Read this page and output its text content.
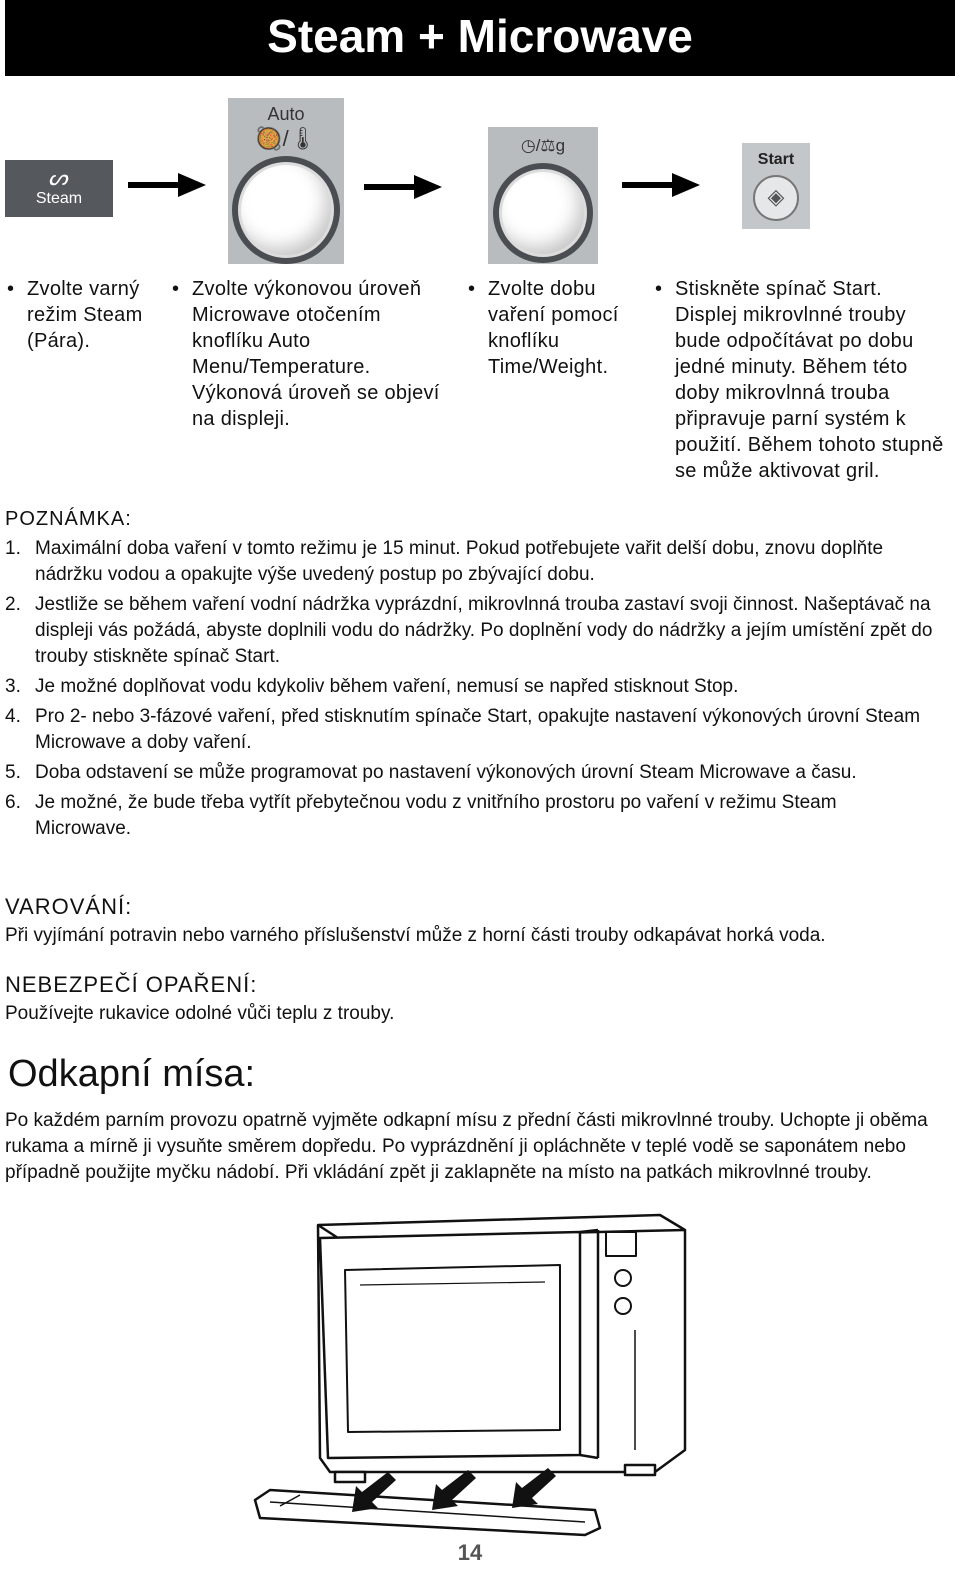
Steam + Microwave
ᔕ
Steam
Auto
🥘/🌡	◷/⚖g
Start
◈
• Zvolte varný režim Steam (Pára).
• Zvolte výkonovou úroveň Microwave otočením knoflíku Auto Menu/Temperature. Výkonová úroveň se objeví na displeji.
• Zvolte dobu vaření pomocí knoflíku Time/Weight.
• Stiskněte spínač Start. Displej mikrovlnné trouby bude odpočítávat po dobu jedné minuty. Během této doby mikrovlnná trouba připravuje parní systém k použití. Během tohoto stupně se může aktivovat gril.
POZNÁMKA:
1. Maximální doba vaření v tomto režimu je 15 minut. Pokud potřebujete vařit delší dobu, znovu doplňte nádržku vodou a opakujte výše uvedený postup po zbývající dobu.
2. Jestliže se během vaření vodní nádržka vyprázdní, mikrovlnná trouba zastaví svoji činnost. Našeptávač na displeji vás požádá, abyste doplnili vodu do nádržky. Po doplnění vody do nádržky a jejím umístění zpět do trouby stiskněte spínač Start.
3. Je možné doplňovat vodu kdykoliv během vaření, nemusí se napřed stisknout Stop.
4. Pro 2- nebo 3-fázové vaření, před stisknutím spínače Start, opakujte nastavení výkonových úrovní Steam Microwave a doby vaření.
5. Doba odstavení se může programovat po nastavení výkonových úrovní Steam Microwave a času.
6. Je možné, že bude třeba vytřít přebytečnou vodu z vnitřního prostoru po vaření v režimu Steam Microwave.
VAROVÁNÍ:
Při vyjímání potravin nebo varného příslušenství může z horní části trouby odkapávat horká voda.
NEBEZPEČÍ OPAŘENÍ:
Používejte rukavice odolné vůči teplu z trouby.
Odkapní mísa:
Po každém parním provozu opatrně vyjměte odkapní mísu z přední části mikrovlnné trouby. Uchopte ji oběma rukama a mírně ji vysuňte směrem dopředu. Po vyprázdnění ji opláchněte v teplé vodě se saponátem nebo případně použijte myčku nádobí. Při vkládání zpět ji zaklapněte na místo na patkách mikrovlnné trouby.
14
